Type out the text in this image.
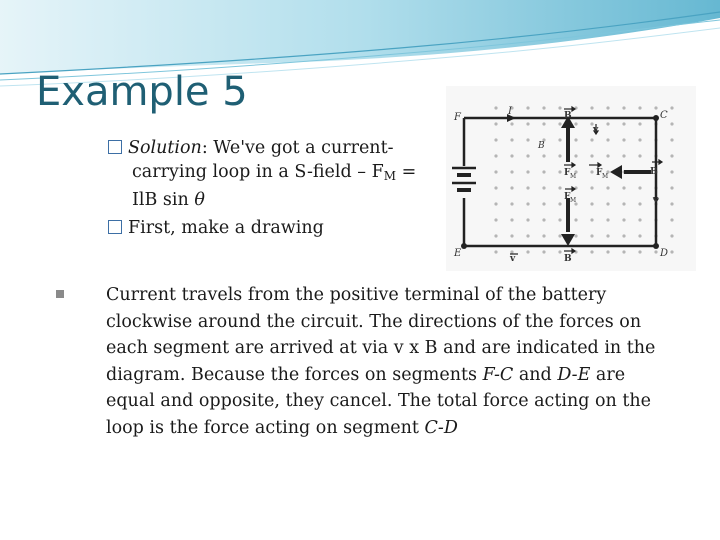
Example 5
Solution: We've got a current-carrying loop in a S-field – $F_M$ = IlB sin θ
First, make a drawing
F	C
E	D
I
B
B
B
B
v
v
v
F M F M
F M
Current travels from the positive terminal of the battery clockwise around the circuit. The directions of the forces on each segment are arrived at via v x B and are indicated in the diagram. Because the forces on segments F-C and D-E are equal and opposite, they cancel. The total force acting on the loop is the force acting on segment C-D
